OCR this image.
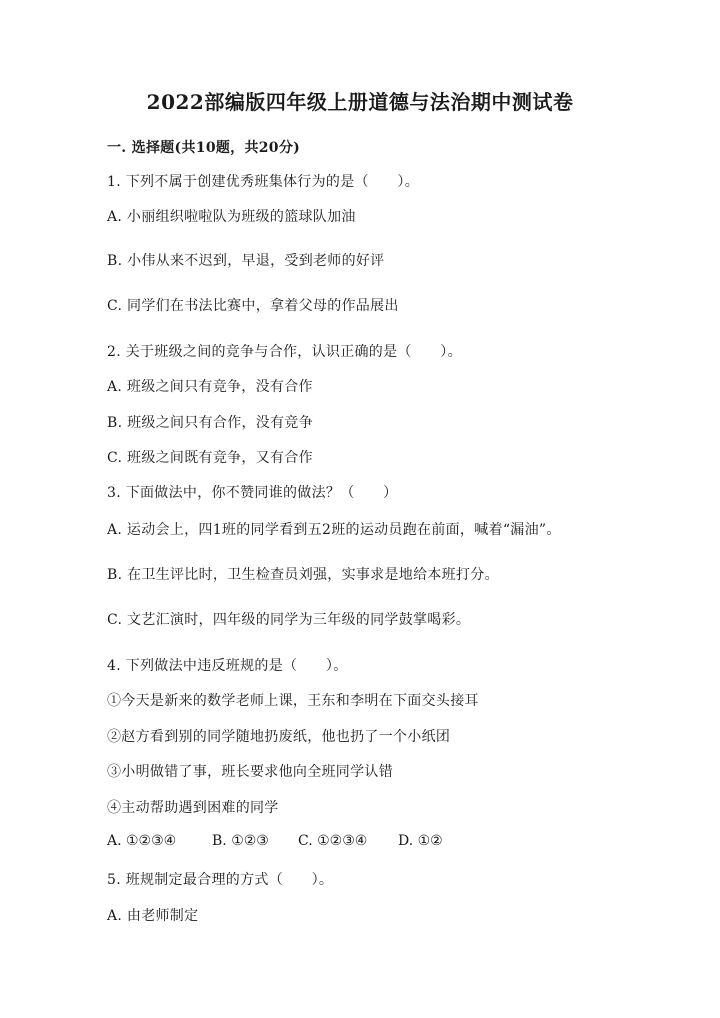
2022部编版四年级上册道德与法治期中测试卷
一. 选择题(共10题，共20分)
1. 下列不属于创建优秀班集体行为的是（　　）。
A. 小丽组织啦啦队为班级的篮球队加油
B. 小伟从来不迟到，早退，受到老师的好评
C. 同学们在书法比赛中，拿着父母的作品展出
2. 关于班级之间的竞争与合作，认识正确的是（　　）。
A. 班级之间只有竞争，没有合作
B. 班级之间只有合作，没有竞争
C. 班级之间既有竞争，又有合作
3. 下面做法中，你不赞同谁的做法？（　　）
A. 运动会上，四1班的同学看到五2班的运动员跑在前面，喊着“漏油”。
B. 在卫生评比时，卫生检查员刘强，实事求是地给本班打分。
C. 文艺汇演时，四年级的同学为三年级的同学鼓掌喝彩。
4. 下列做法中违反班规的是（　　）。
①今天是新来的数学老师上课，王东和李明在下面交头接耳
②赵方看到别的同学随地扔废纸，他也扔了一个小纸团
③小明做错了事，班长要求他向全班同学认错
④主动帮助遇到困难的同学
A. ①②③④	B. ①②③ C. ①②③④ D. ①②
5. 班规制定最合理的方式（　　）。
A. 由老师制定
